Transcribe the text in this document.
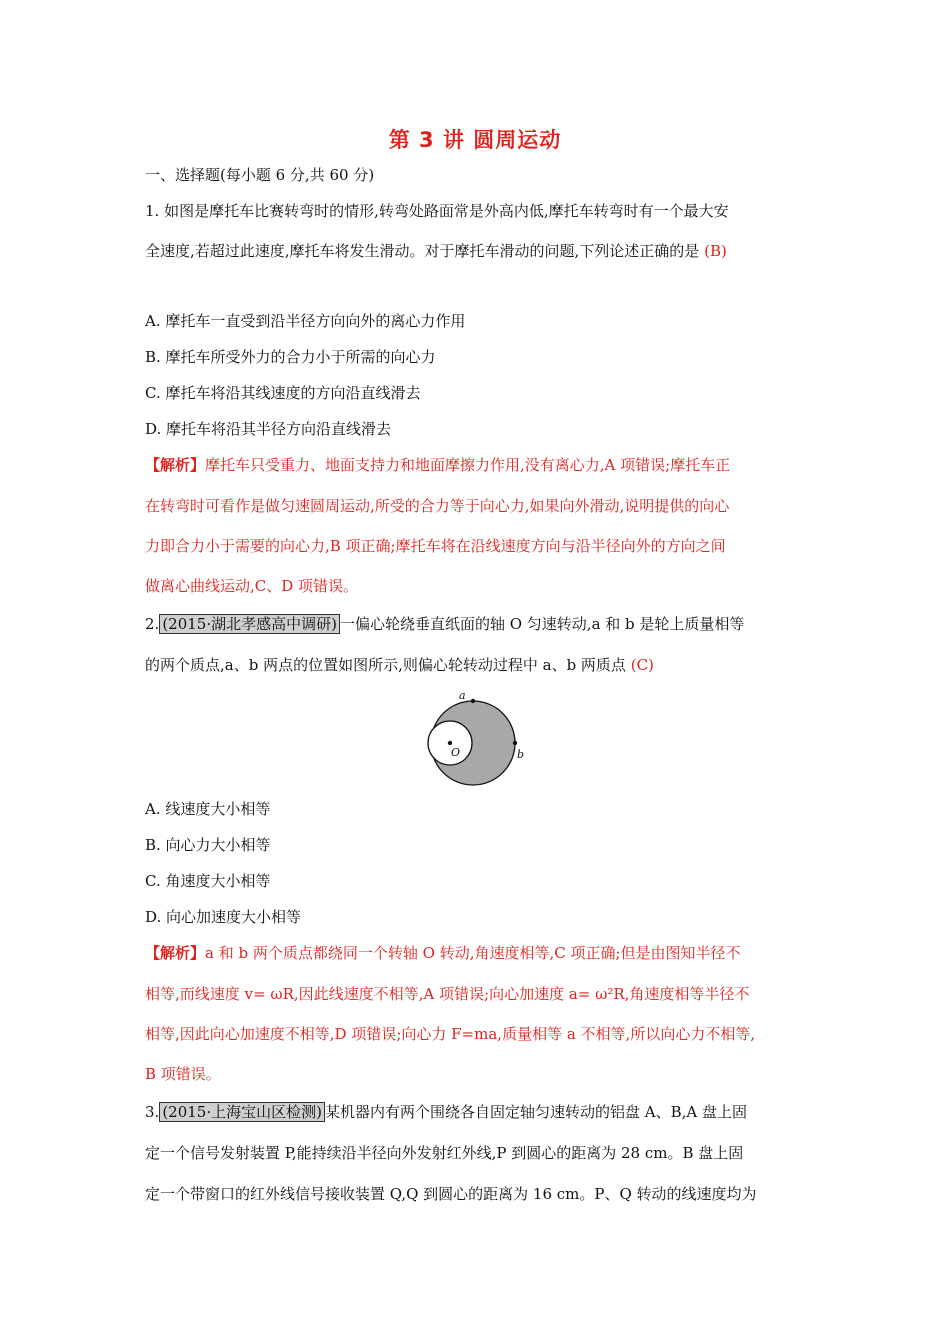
第 3 讲 圆周运动
一、选择题(每小题 6 分,共 60 分)
1. 如图是摩托车比赛转弯时的情形,转弯处路面常是外高内低,摩托车转弯时有一个最大安
全速度,若超过此速度,摩托车将发生滑动。对于摩托车滑动的问题,下列论述正确的是 (B)
A. 摩托车一直受到沿半径方向向外的离心力作用
B. 摩托车所受外力的合力小于所需的向心力
C. 摩托车将沿其线速度的方向沿直线滑去
D. 摩托车将沿其半径方向沿直线滑去
【解析】摩托车只受重力、地面支持力和地面摩擦力作用,没有离心力,A 项错误;摩托车正
在转弯时可看作是做匀速圆周运动,所受的合力等于向心力,如果向外滑动,说明提供的向心
力即合力小于需要的向心力,B 项正确;摩托车将在沿线速度方向与沿半径向外的方向之间
做离心曲线运动,C、D 项错误。
2. (2015·湖北孝感高中调研) 一偏心轮绕垂直纸面的轴 O 匀速转动,a 和 b 是轮上质量相等
的两个质点,a、b 两点的位置如图所示,则偏心轮转动过程中 a、b 两质点 (C)
a
b
O
A. 线速度大小相等
B. 向心力大小相等
C. 角速度大小相等
D. 向心加速度大小相等
【解析】a 和 b 两个质点都绕同一个转轴 O 转动,角速度相等,C 项正确;但是由图知半径不
相等,而线速度 v= ωR,因此线速度不相等,A 项错误;向心加速度 a= ω²R,角速度相等半径不
相等,因此向心加速度不相等,D 项错误;向心力 F=ma,质量相等 a 不相等,所以向心力不相等,
B 项错误。
3. (2015·上海宝山区检测) 某机器内有两个围绕各自固定轴匀速转动的铝盘 A、B,A 盘上固
定一个信号发射装置 P,能持续沿半径向外发射红外线,P 到圆心的距离为 28 cm。B 盘上固
定一个带窗口的红外线信号接收装置 Q,Q 到圆心的距离为 16 cm。P、Q 转动的线速度均为
